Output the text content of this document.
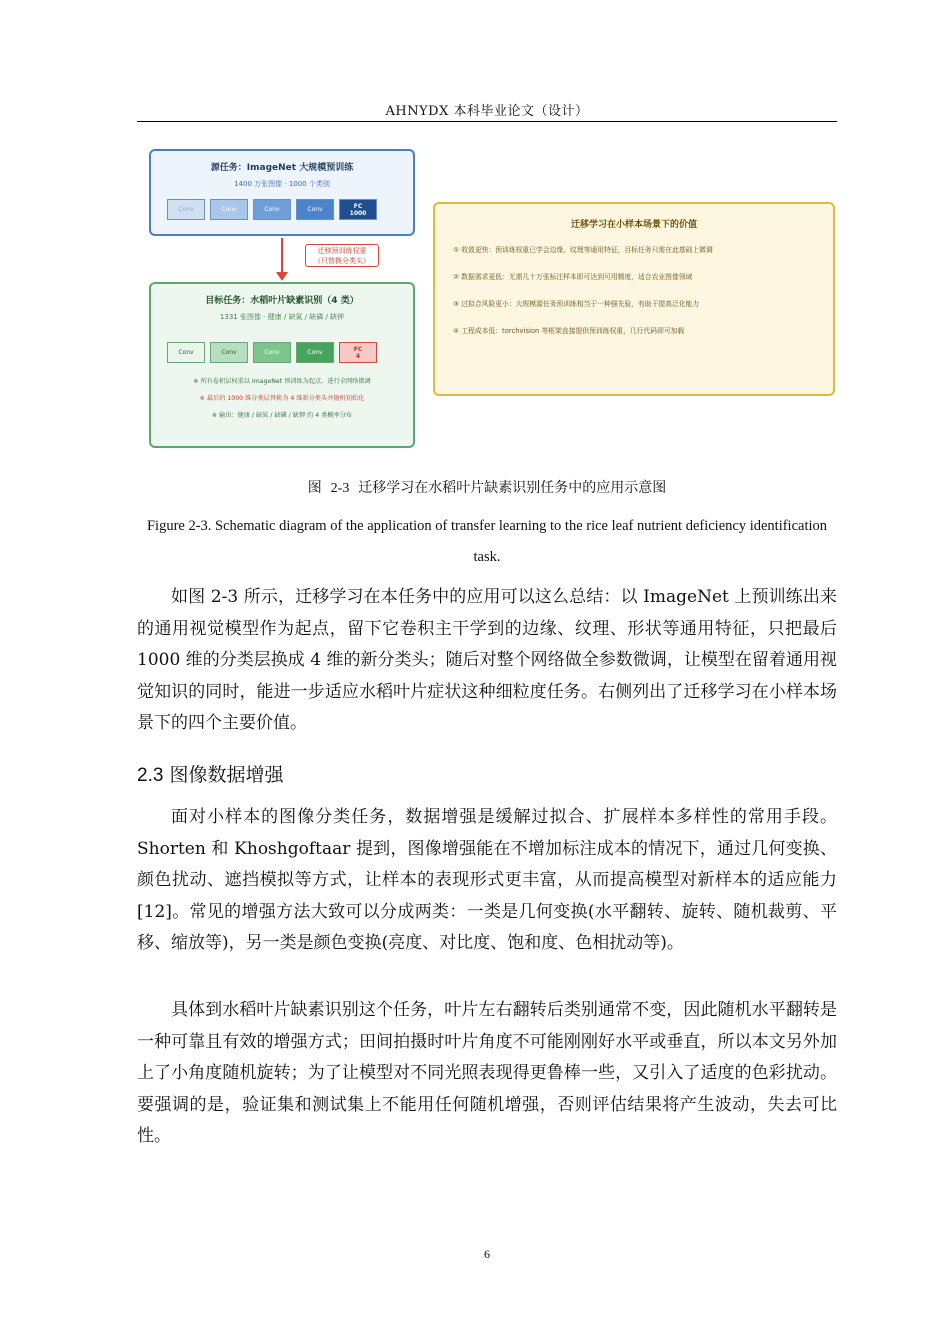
AHNYDX 本科毕业论文（设计）
源任务：ImageNet 大规模预训练
1400 万张图像 · 1000 个类别
Conv	Conv	Conv	Conv	FC
1000
迁移预训练权重
（只替换分类头）
目标任务：水稻叶片缺素识别（4 类）
1331 张图像 · 健康 / 缺氮 / 缺磷 / 缺钾
Conv	Conv	Conv	Conv	FC
4
※ 所有卷积层权重以 ImageNet 预训练为起点，进行全网络微调
※ 最后的 1000 维分类层替换为 4 维新分类头并随机初始化
※ 输出：健康 / 缺氮 / 缺磷 / 缺钾 的 4 类概率分布
迁移学习在小样本场景下的价值
① 收敛更快：预训练权重已学会边缘、纹理等通用特征，目标任务只需在此基础上微调
② 数据需求更低：无需几十万张标注样本即可达到可用精度，适合农业图像领域
③ 过拟合风险更小：大规模源任务预训练相当于一种强先验，有助于提高泛化能力
④ 工程成本低：torchvision 等框架直接提供预训练权重，几行代码即可加载
图 2-3 迁移学习在水稻叶片缺素识别任务中的应用示意图
Figure 2-3. Schematic diagram of the application of transfer learning to the rice leaf nutrient deficiency identification task.

如图 2-3 所示，迁移学习在本任务中的应用可以这么总结：以 ImageNet 上预训练出来的通用视觉模型作为起点，留下它卷积主干学到的边缘、纹理、形状等通用特征，只把最后 1000 维的分类层换成 4 维的新分类头；随后对整个网络做全参数微调，让模型在留着通用视觉知识的同时，能进一步适应水稻叶片症状这种细粒度任务。右侧列出了迁移学习在小样本场景下的四个主要价值。

2.3 图像数据增强

面对小样本的图像分类任务，数据增强是缓解过拟合、扩展样本多样性的常用手段。Shorten 和 Khoshgoftaar 提到，图像增强能在不增加标注成本的情况下，通过几何变换、颜色扰动、遮挡模拟等方式，让样本的表现形式更丰富，从而提高模型对新样本的适应能力[12]。常见的增强方法大致可以分成两类：一类是几何变换(水平翻转、旋转、随机裁剪、平移、缩放等)，另一类是颜色变换(亮度、对比度、饱和度、色相扰动等)。

具体到水稻叶片缺素识别这个任务，叶片左右翻转后类别通常不变，因此随机水平翻转是一种可靠且有效的增强方式；田间拍摄时叶片角度不可能刚刚好水平或垂直，所以本文另外加上了小角度随机旋转；为了让模型对不同光照表现得更鲁棒一些，又引入了适度的色彩扰动。要强调的是，验证集和测试集上不能用任何随机增强，否则评估结果将产生波动，失去可比性。

6
